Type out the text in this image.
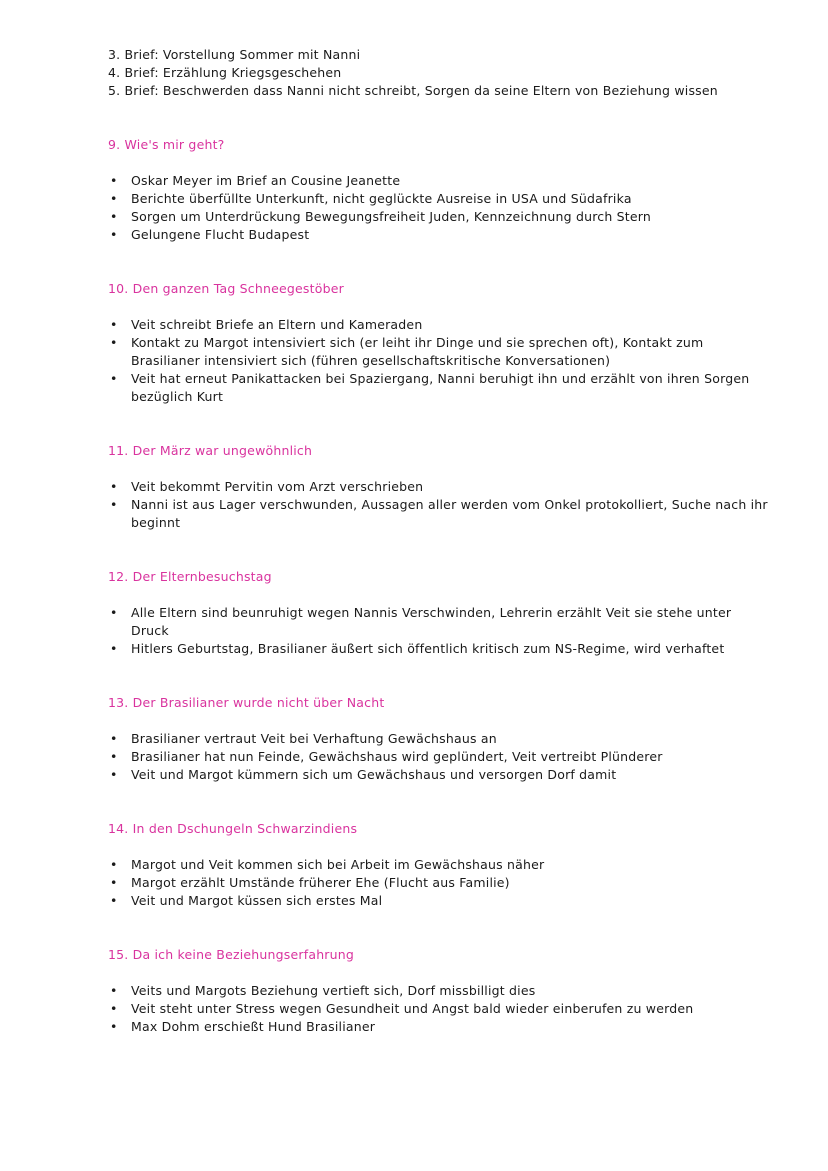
3. Brief: Vorstellung Sommer mit Nanni
4. Brief: Erzählung Kriegsgeschehen
5. Brief: Beschwerden dass Nanni nicht schreibt, Sorgen da seine Eltern von Beziehung wissen
9. Wie's mir geht?
• Oskar Meyer im Brief an Cousine Jeanette
• Berichte überfüllte Unterkunft, nicht geglückte Ausreise in USA und Südafrika
• Sorgen um Unterdrückung Bewegungsfreiheit Juden, Kennzeichnung durch Stern
• Gelungene Flucht Budapest
10. Den ganzen Tag Schneegestöber
• Veit schreibt Briefe an Eltern und Kameraden
• Kontakt zu Margot intensiviert sich (er leiht ihr Dinge und sie sprechen oft), Kontakt zum Brasilianer intensiviert sich (führen gesellschaftskritische Konversationen)
• Veit hat erneut Panikattacken bei Spaziergang, Nanni beruhigt ihn und erzählt von ihren Sorgen bezüglich Kurt
11. Der März war ungewöhnlich
• Veit bekommt Pervitin vom Arzt verschrieben
• Nanni ist aus Lager verschwunden, Aussagen aller werden vom Onkel protokolliert, Suche nach ihr beginnt
12. Der Elternbesuchstag
• Alle Eltern sind beunruhigt wegen Nannis Verschwinden, Lehrerin erzählt Veit sie stehe unter Druck
• Hitlers Geburtstag, Brasilianer äußert sich öffentlich kritisch zum NS-Regime, wird verhaftet
13. Der Brasilianer wurde nicht über Nacht
• Brasilianer vertraut Veit bei Verhaftung Gewächshaus an
• Brasilianer hat nun Feinde, Gewächshaus wird geplündert, Veit vertreibt Plünderer
• Veit und Margot kümmern sich um Gewächshaus und versorgen Dorf damit
14. In den Dschungeln Schwarzindiens
• Margot und Veit kommen sich bei Arbeit im Gewächshaus näher
• Margot erzählt Umstände früherer Ehe (Flucht aus Familie)
• Veit und Margot küssen sich erstes Mal
15. Da ich keine Beziehungserfahrung
• Veits und Margots Beziehung vertieft sich, Dorf missbilligt dies
• Veit steht unter Stress wegen Gesundheit und Angst bald wieder einberufen zu werden
• Max Dohm erschießt Hund Brasilianer
